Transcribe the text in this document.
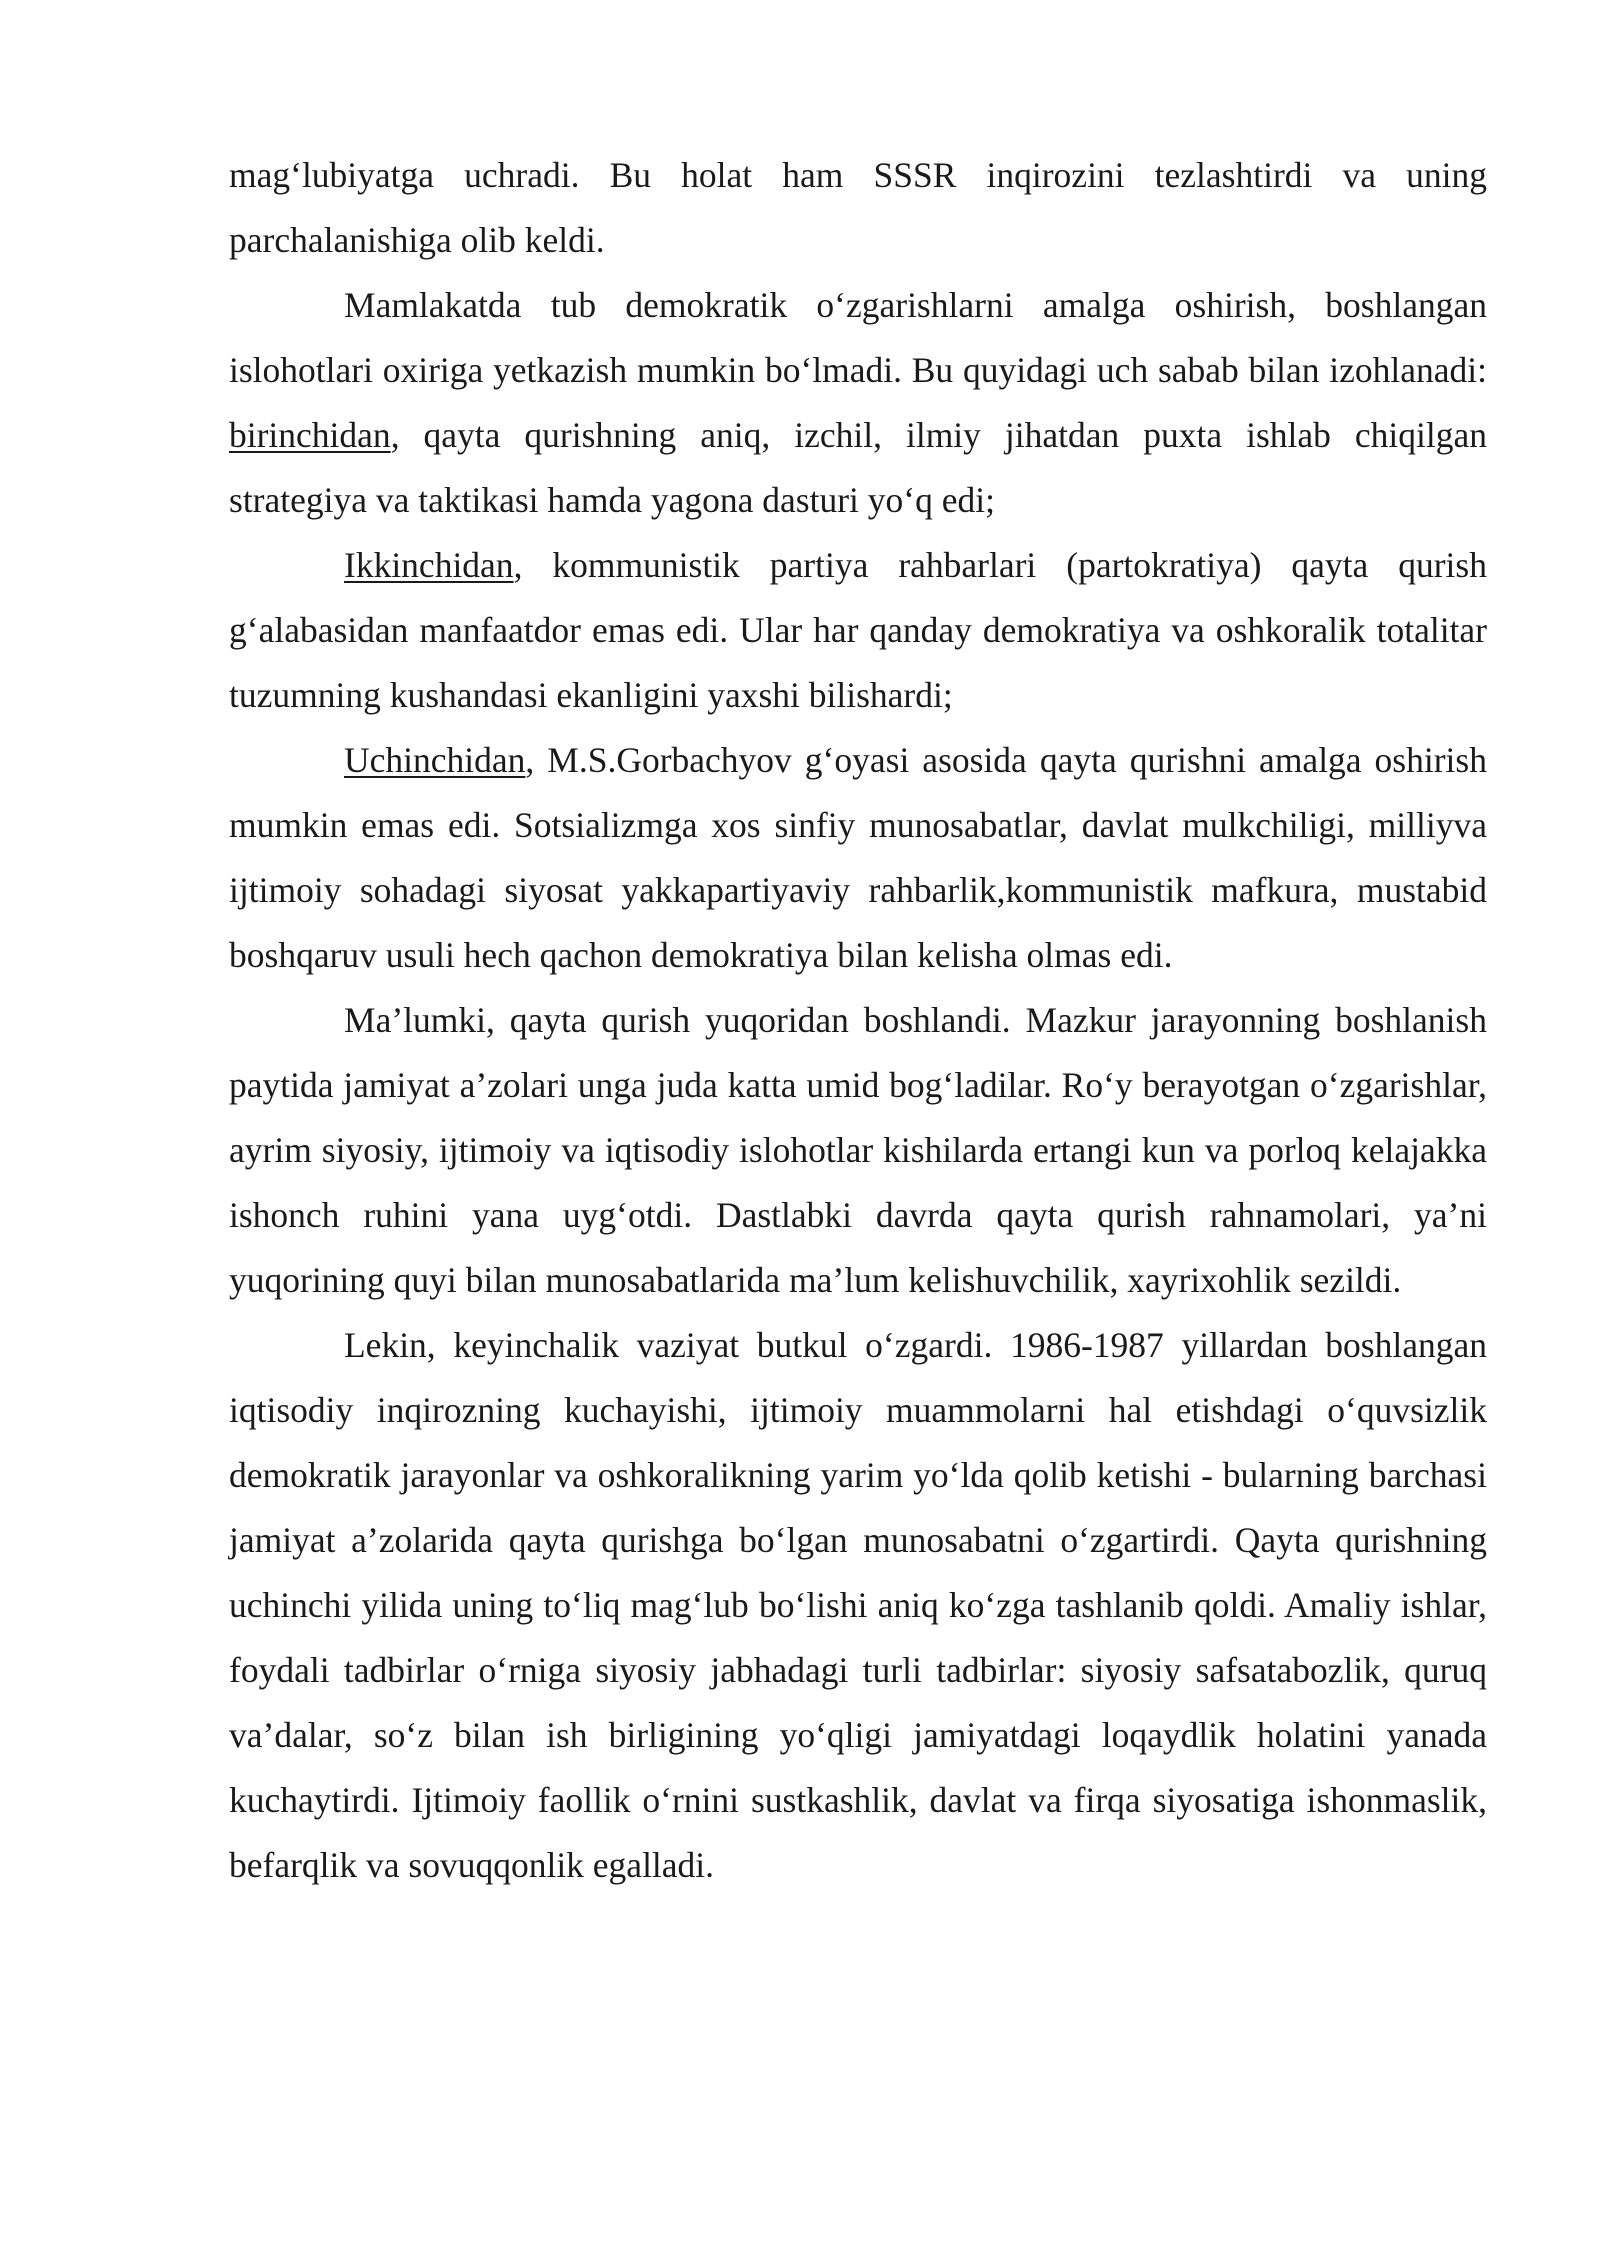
mag‘lubiyatga uchradi. Bu holat ham SSSR inqirozini tezlashtirdi va uning parchalanishiga olib keldi.

Mamlakatda tub demokratik o‘zgarishlarni amalga oshirish, boshlangan islohotlari oxiriga yetkazish mumkin bo‘lmadi. Bu quyidagi uch sabab bilan izohlanadi: birinchidan, qayta qurishning aniq, izchil, ilmiy jihatdan puxta ishlab chiqilgan strategiya va taktikasi hamda yagona dasturi yo‘q edi;

Ikkinchidan, kommunistik partiya rahbarlari (partokratiya) qayta qurish g‘alabasidan manfaatdor emas edi. Ular har qanday demokratiya va oshkoralik totalitar tuzumning kushandasi ekanligini yaxshi bilishardi;

Uchinchidan, M.S.Gorbachyov g‘oyasi asosida qayta qurishni amalga oshirish mumkin emas edi. Sotsializmga xos sinfiy munosabatlar, davlat mulkchiligi, milliyva ijtimoiy sohadagi siyosat yakkapartiyaviy rahbarlik,kommunistik mafkura, mustabid boshqaruv usuli hech qachon demokratiya bilan kelisha olmas edi.

Ma’lumki, qayta qurish yuqoridan boshlandi. Mazkur jarayonning boshlanish paytida jamiyat a’zolari unga juda katta umid bog‘ladilar. Ro‘y berayotgan o‘zgarishlar, ayrim siyosiy, ijtimoiy va iqtisodiy islohotlar kishilarda ertangi kun va porloq kelajakka ishonch ruhini yana uyg‘otdi. Dastlabki davrda qayta qurish rahnamolari, ya’ni yuqorining quyi bilan munosabatlarida ma’lum kelishuvchilik, xayrixohlik sezildi.

Lekin, keyinchalik vaziyat butkul o‘zgardi. 1986-1987 yillardan boshlangan iqtisodiy inqirozning kuchayishi, ijtimoiy muammolarni hal etishdagi o‘quvsizlik demokratik jarayonlar va oshkoralikning yarim yo‘lda qolib ketishi - bularning barchasi jamiyat a’zolarida qayta qurishga bo‘lgan munosabatni o‘zgartirdi. Qayta qurishning uchinchi yilida uning to‘liq mag‘lub bo‘lishi aniq ko‘zga tashlanib qoldi. Amaliy ishlar, foydali tadbirlar o‘rniga siyosiy jabhadagi turli tadbirlar: siyosiy safsatabozlik, quruq va’dalar, so‘z bilan ish birligining yo‘qligi jamiyatdagi loqaydlik holatini yanada kuchaytirdi. Ijtimoiy faollik o‘rnini sustkashlik, davlat va firqa siyosatiga ishonmaslik, befarqlik va sovuqqonlik egalladi.
